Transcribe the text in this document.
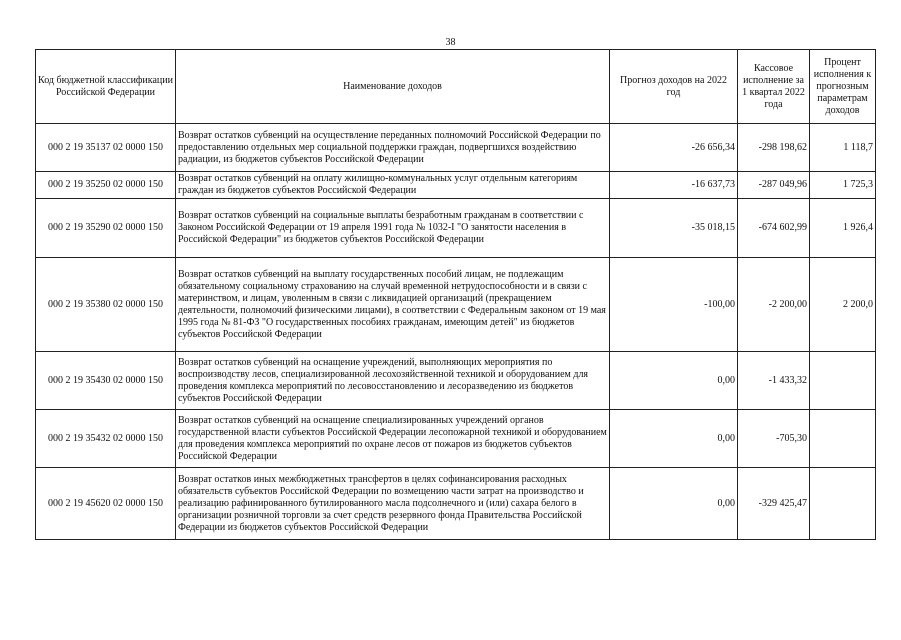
38
Код бюджетной классификации Российской Федерации	Наименование доходов	Прогноз доходов на 2022 год	Кассовое исполнение за 1 квартал 2022 года	Процент исполнения к прогнозным параметрам доходов
000 2 19 35137 02 0000 150	Возврат остатков субвенций на осуществление переданных полномочий Российской Федерации по предоставлению отдельных мер социальной поддержки граждан, подвергшихся воздействию радиации, из бюджетов субъектов Российской Федерации	-26 656,34	-298 198,62	1 118,7
000 2 19 35250 02 0000 150	Возврат остатков субвенций на оплату жилищно-коммунальных услуг отдельным категориям граждан из бюджетов субъектов Российской Федерации	-16 637,73	-287 049,96	1 725,3
000 2 19 35290 02 0000 150	Возврат остатков субвенций на социальные выплаты безработным гражданам в соответствии с Законом Российской Федерации от 19 апреля 1991 года № 1032-I "О занятости населения в Российской Федерации" из бюджетов субъектов Российской Федерации	-35 018,15	-674 602,99	1 926,4
000 2 19 35380 02 0000 150	Возврат остатков субвенций на выплату государственных пособий лицам, не подлежащим обязательному социальному страхованию на случай временной нетрудоспособности и в связи с материнством, и лицам, уволенным в связи с ликвидацией организаций (прекращением деятельности, полномочий физическими лицами), в соответствии с Федеральным законом от 19 мая 1995 года № 81-ФЗ "О государственных пособиях гражданам, имеющим детей" из бюджетов субъектов Российской Федерации	-100,00	-2 200,00	2 200,0
000 2 19 35430 02 0000 150	Возврат остатков субвенций на оснащение учреждений, выполняющих мероприятия по воспроизводству лесов, специализированной лесохозяйственной техникой и оборудованием для проведения комплекса мероприятий по лесовосстановлению и лесоразведению из бюджетов субъектов Российской Федерации	0,00	-1 433,32	
000 2 19 35432 02 0000 150	Возврат остатков субвенций на оснащение специализированных учреждений органов государственной власти субъектов Российской Федерации лесопожарной техникой и оборудованием для проведения комплекса мероприятий по охране лесов от пожаров из бюджетов субъектов Российской Федерации	0,00	-705,30	
000 2 19 45620 02 0000 150	Возврат остатков иных межбюджетных трансфертов в целях софинансирования расходных обязательств субъектов Российской Федерации по возмещению части затрат на производство и реализацию рафинированного бутилированного масла подсолнечного и (или) сахара белого в организации розничной торговли за счет средств резервного фонда Правительства Российской Федерации из бюджетов субъектов Российской Федерации	0,00	-329 425,47	
